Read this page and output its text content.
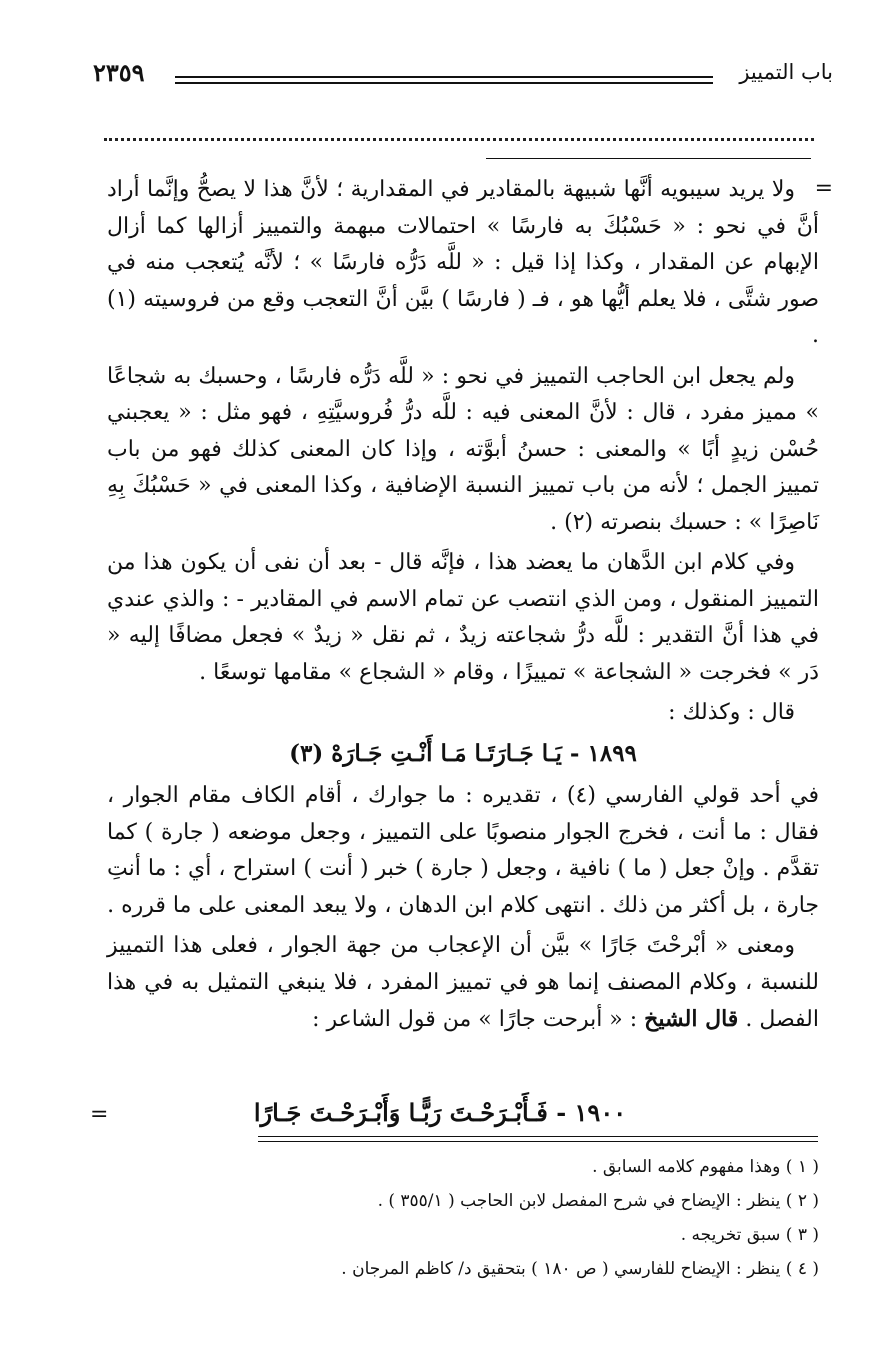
باب التمييز
٢٣٥٩
=

ولا يريد سيبويه أنَّها شبيهة بالمقادير في المقدارية ؛ لأنَّ هذا لا يصحُّ وإنَّما أراد أنَّ في نحو : « حَسْبُكَ به فارسًا » احتمالات مبهمة والتمييز أزالها كما أزال الإبهام عن المقدار ، وكذا إذا قيل : « للَّه دَرُّه فارسًا » ؛ لأنَّه يُتعجب منه في صور شتَّى ، فلا يعلم أيُّها هو ، فـ ( فارسًا ) بيَّن أنَّ التعجب وقع من فروسيته (١) .

ولم يجعل ابن الحاجب التمييز في نحو : « للَّه دَرُّه فارسًا ، وحسبك به شجاعًا » مميز مفرد ، قال : لأنَّ المعنى فيه : للَّه درُّ فُروسيَّتِهِ ، فهو مثل : « يعجبني حُسْن زيدٍ أبًا » والمعنى : حسنُ أبوَّته ، وإذا كان المعنى كذلك فهو من باب تمييز الجمل ؛ لأنه من باب تمييز النسبة الإضافية ، وكذا المعنى في « حَسْبُكَ بِهِ نَاصِرًا » : حسبك بنصرته (٢) .

وفي كلام ابن الدَّهان ما يعضد هذا ، فإنَّه قال - بعد أن نفى أن يكون هذا من التمييز المنقول ، ومن الذي انتصب عن تمام الاسم في المقادير - : والذي عندي في هذا أنَّ التقدير : للَّه درُّ شجاعته زيدٌ ، ثم نقل « زيدٌ » فجعل مضافًا إليه « دَر » فخرجت « الشجاعة » تمييزًا ، وقام « الشجاع » مقامها توسعًا .

قال : وكذلك :

١٨٩٩ - يَـا جَـارَتَـا مَـا أَنْـتِ جَـارَهْ (٣)

في أحد قولي الفارسي (٤) ، تقديره : ما جوارك ، أقام الكاف مقام الجوار ، فقال : ما أنت ، فخرج الجوار منصوبًا على التمييز ، وجعل موضعه ( جارة ) كما تقدَّم . وإنْ جعل ( ما ) نافية ، وجعل ( جارة ) خبر ( أنت ) استراح ، أي : ما أنتِ جارة ، بل أكثر من ذلك . انتهى كلام ابن الدهان ، ولا يبعد المعنى على ما قرره .

ومعنى « أبْرحْتَ جَارًا » بيَّن أن الإعجاب من جهة الجوار ، فعلى هذا التمييز للنسبة ، وكلام المصنف إنما هو في تمييز المفرد ، فلا ينبغي التمثيل به في هذا الفصل . قال الشيخ : « أبرحت جارًا » من قول الشاعر :

=	١٩٠٠ - فَـأَبْـرَحْـتَ رَبًّـا وَأَبْـرَحْـتَ جَـارًا
( ١ ) وهذا مفهوم كلامه السابق .
( ٢ ) ينظر : الإيضاح في شرح المفصل لابن الحاجب ( ٣٥٥/١ ) .
( ٣ ) سبق تخريجه .
( ٤ ) ينظر : الإيضاح للفارسي ( ص ١٨٠ ) بتحقيق د/ كاظم المرجان .
